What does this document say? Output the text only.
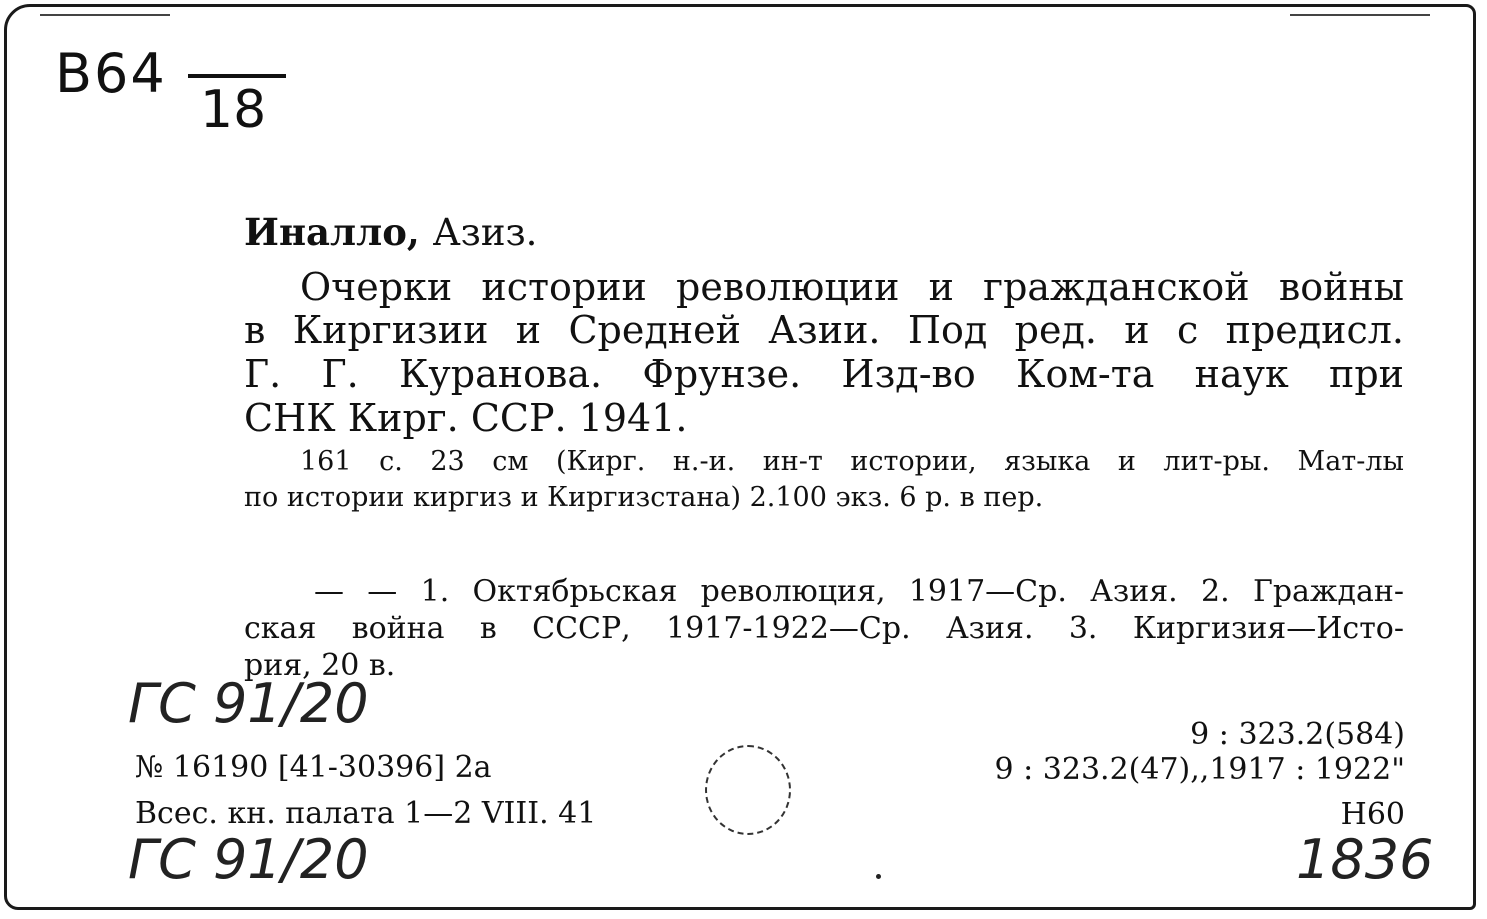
B64
18
Иналло, Азиз.
Очерки истории революции и гражданской войны
в Киргизии и Средней Азии. Под ред. и с предисл.
Г. Г. Куранова. Фрунзе. Изд-во Ком-та наук при
СНК Кирг. ССР. 1941.
161 с. 23 см (Кирг. н.-и. ин-т истории, языка и лит-ры. Мат-лы
по истории киргиз и Киргизстана) 2.100 экз. 6 р. в пер.
— — 1. Октябрьская революция, 1917—Ср. Азия. 2. Граждан-
ская война в СССР, 1917-1922—Ср. Азия. 3. Киргизия—Исто-
рия, 20 в.
ГС 91/20
№ 16190 [41-30396] 2а
Всес. кн. палата 1—2 VIII. 41
ГС 91/20
9 : 323.2(584)
9 : 323.2(47),,1917 : 1922"
Н60
1836
